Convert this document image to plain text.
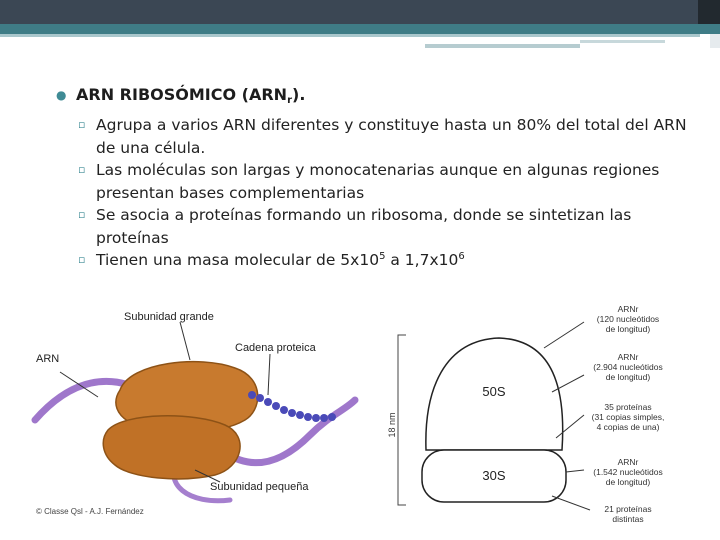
● ARN RIBOSÓMICO $(ARN_r)$.
▫ Agrupa a varios ARN diferentes y constituye hasta un 80% del total del ARN de una célula.
▫ Las moléculas son largas y monocatenarias aunque en algunas regiones presentan bases complementarias
▫ Se asocia a proteínas formando un ribosoma, donde se sintetizan las proteínas
▫ Tienen una masa molecular de $5x10^5$ a $1,7x10^6$
Subunidad grande
Cadena proteica
ARN
Subunidad pequeña
© Classe Qsl - A.J. Fernández
18 nm
50S
30S
ARNr
(120 nucleótidos
de longitud)
ARNr
(2.904 nucleótidos
de longitud)
35 proteínas
(31 copias simples,
4 copias de una)
ARNr
(1.542 nucleótidos
de longitud)
21 proteínas
distintas
